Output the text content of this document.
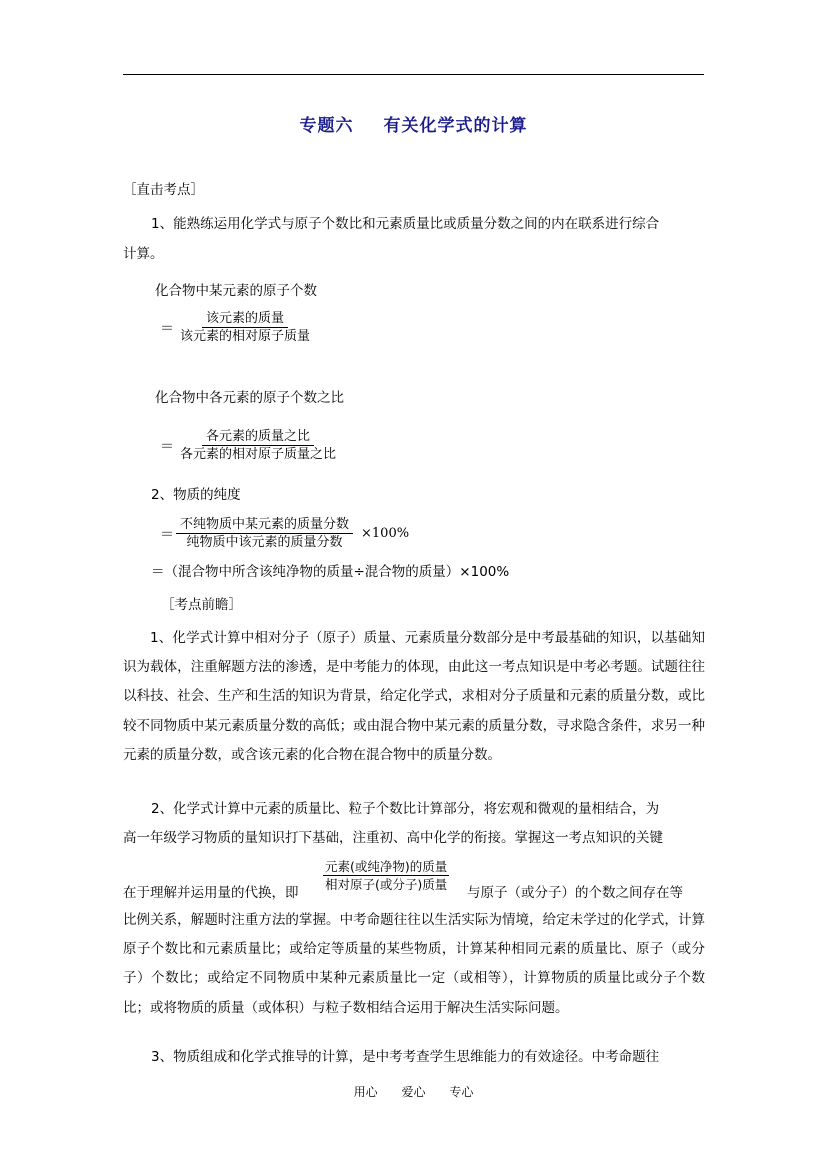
专题六 有关化学式的计算
［直击考点］
1、能熟练运用化学式与原子个数比和元素质量比或质量分数之间的内在联系进行综合
计算。
化合物中某元素的原子个数
＝ $\frac{\text{该元素的质量}}{\text{该元素的相对原子质量}}$
化合物中各元素的原子个数之比
＝ $\frac{\text{各元素的质量之比}}{\text{各元素的相对原子质量之比}}$
2、物质的纯度
＝ $\frac{\text{不纯物质中某元素的质量分数}}{\text{纯物质中该元素的质量分数}} \times 100\%$
＝（混合物中所含该纯净物的质量÷混合物的质量）×100%
［考点前瞻］
1、化学式计算中相对分子（原子）质量、元素质量分数部分是中考最基础的知识，以基础知识为载体，注重解题方法的渗透，是中考能力的体现，由此这一考点知识是中考必考题。试题往往以科技、社会、生产和生活的知识为背景，给定化学式，求相对分子质量和元素的质量分数，或比较不同物质中某元素质量分数的高低；或由混合物中某元素的质量分数，寻求隐含条件，求另一种元素的质量分数，或含该元素的化合物在混合物中的质量分数。
2、化学式计算中元素的质量比、粒子个数比计算部分，将宏观和微观的量相结合，为
高一年级学习物质的量知识打下基础，注重初、高中化学的衔接。掌握这一考点知识的关键
元素(或纯净物)的质量
相对原子(或分子)质量
在于理解并运用量的代换，即	与原子（或分子）的个数之间存在等
比例关系，解题时注重方法的掌握。中考命题往往以生活实际为情境，给定未学过的化学式，计算原子个数比和元素质量比；或给定等质量的某些物质，计算某种相同元素的质量比、原子（或分子）个数比；或给定不同物质中某种元素质量比一定（或相等），计算物质的质量比或分子个数比；或将物质的质量（或体积）与粒子数相结合运用于解决生活实际问题。
3、物质组成和化学式推导的计算，是中考考查学生思维能力的有效途径。中考命题往
用心 爱心 专心
